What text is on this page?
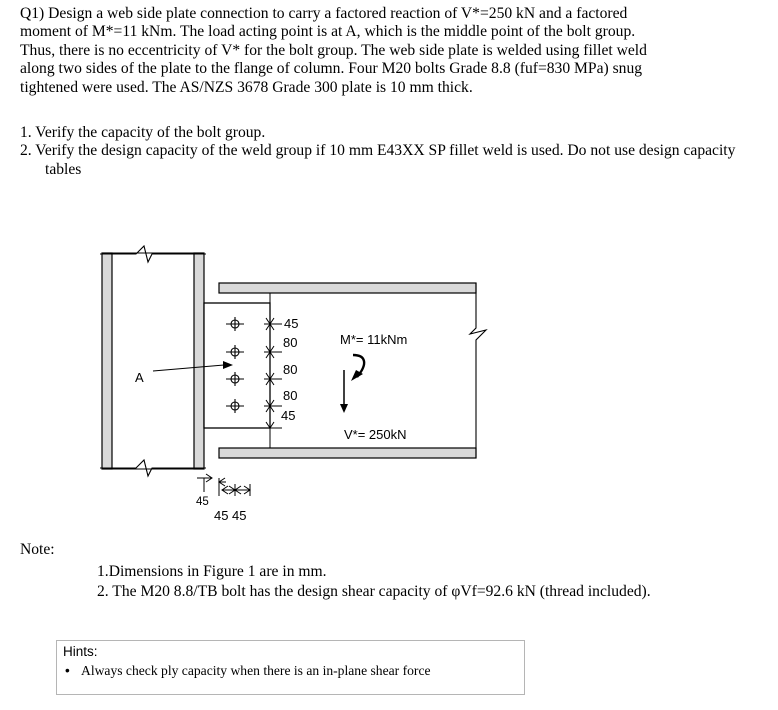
Q1) Design a web side plate connection to carry a factored reaction of V*=250 kN and a factored
moment of M*=11 kNm. The load acting point is at A, which is the middle point of the bolt group.
Thus, there is no eccentricity of V* for the bolt group. The web side plate is welded using fillet weld
along two sides of the plate to the flange of column. Four M20 bolts Grade 8.8 (fuf=830 MPa) snug
tightened were used. The AS/NZS 3678 Grade 300 plate is 10 mm thick.
1. Verify the capacity of the bolt group.
2. Verify the design capacity of the weld group if 10 mm E43XX SP fillet weld is used. Do not use design capacity tables
A
45
80
80
80
45
45
45 45
M*= 11kNm
V*= 250kN
Note:
1.Dimensions in Figure 1 are in mm.
2. The M20 8.8/TB bolt has the design shear capacity of φVf=92.6 kN (thread included).
Hints:
• Always check ply capacity when there is an in-plane shear force
